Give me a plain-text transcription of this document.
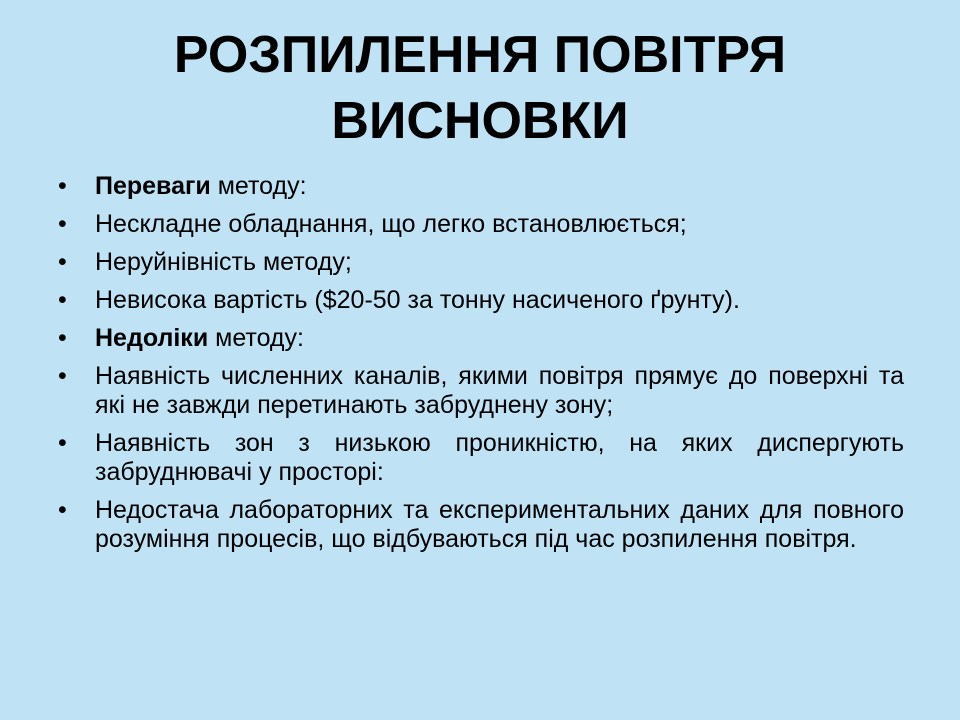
РОЗПИЛЕННЯ ПОВІТРЯ
ВИСНОВКИ
• Переваги методу:
• Нескладне обладнання, що легко встановлюється;
• Неруйнівність методу;
• Невисока вартість ($20-50 за тонну насиченого ґрунту).
• Недоліки методу:
• Наявність численних каналів, якими повітря прямує до поверхні та які не завжди перетинають забруднену зону;
• Наявність зон з низькою проникністю, на яких диспергують забруднювачі у просторі:
• Недостача лабораторних та експериментальних даних для повного розуміння процесів, що відбуваються під час розпилення повітря.
